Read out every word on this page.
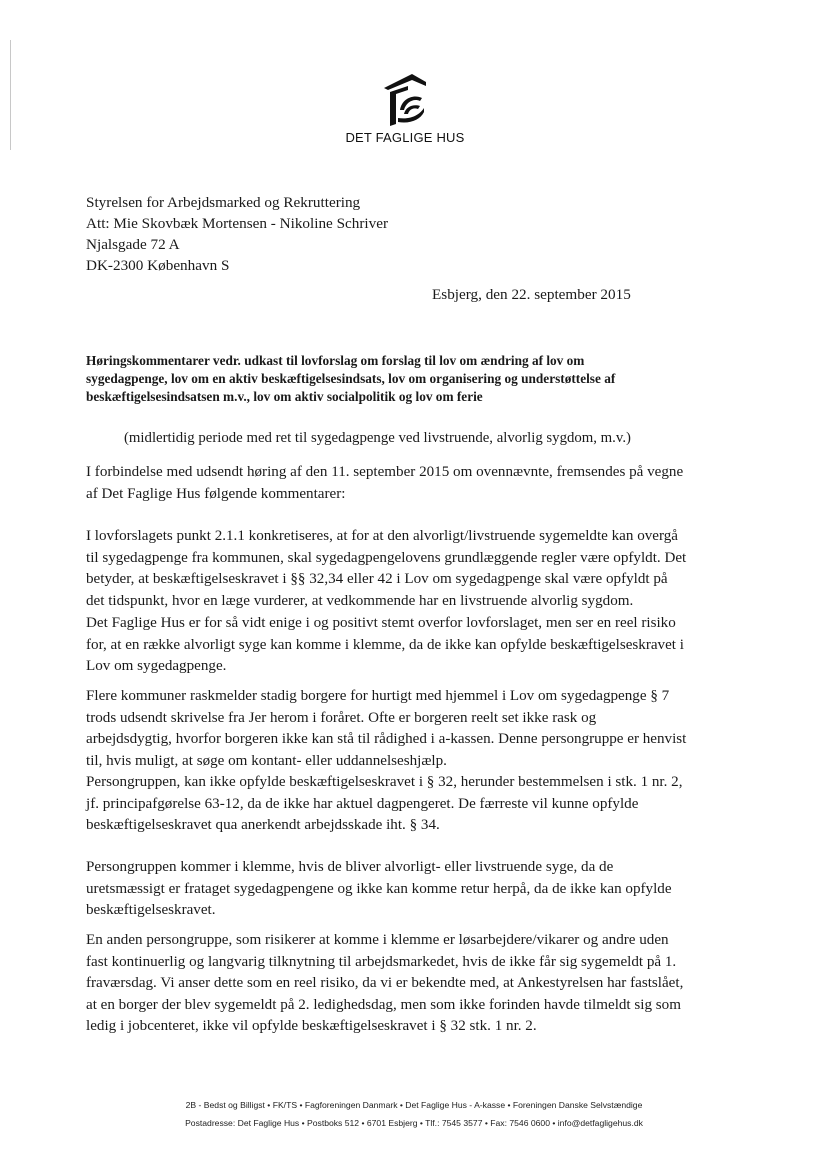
DET FAGLIGE HUS
Styrelsen for Arbejdsmarked og Rekruttering
Att: Mie Skovbæk Mortensen - Nikoline Schriver
Njalsgade 72 A
DK-2300 København S
Esbjerg, den 22. september 2015
Høringskommentarer vedr. udkast til lovforslag om forslag til lov om ændring af lov om
sygedagpenge, lov om en aktiv beskæftigelsesindsats, lov om organisering og understøttelse af
beskæftigelsesindsatsen m.v., lov om aktiv socialpolitik og lov om ferie
(midlertidig periode med ret til sygedagpenge ved livstruende, alvorlig sygdom, m.v.)
I forbindelse med udsendt høring af den 11. september 2015 om ovennævnte, fremsendes på vegne
af Det Faglige Hus følgende kommentarer:
I lovforslagets punkt 2.1.1 konkretiseres, at for at den alvorligt/livstruende sygemeldte kan overgå
til sygedagpenge fra kommunen, skal sygedagpengelovens grundlæggende regler være opfyldt. Det
betyder, at beskæftigelseskravet i §§ 32,34 eller 42 i Lov om sygedagpenge skal være opfyldt på
det tidspunkt, hvor en læge vurderer, at vedkommende har en livstruende alvorlig sygdom.
Det Faglige Hus er for så vidt enige i og positivt stemt overfor lovforslaget, men ser en reel risiko
for, at en række alvorligt syge kan komme i klemme, da de ikke kan opfylde beskæftigelseskravet i
Lov om sygedagpenge.
Flere kommuner raskmelder stadig borgere for hurtigt med hjemmel i Lov om sygedagpenge § 7
trods udsendt skrivelse fra Jer herom i foråret. Ofte er borgeren reelt set ikke rask og
arbejdsdygtig, hvorfor borgeren ikke kan stå til rådighed i a-kassen. Denne persongruppe er henvist
til, hvis muligt, at søge om kontant- eller uddannelseshjælp.
Persongruppen, kan ikke opfylde beskæftigelseskravet i § 32, herunder bestemmelsen i stk. 1 nr. 2,
jf. principafgørelse 63-12, da de ikke har aktuel dagpengeret. De færreste vil kunne opfylde
beskæftigelseskravet qua anerkendt arbejdsskade iht. § 34.
Persongruppen kommer i klemme, hvis de bliver alvorligt- eller livstruende syge, da de
uretsmæssigt er frataget sygedagpengene og ikke kan komme retur herpå, da de ikke kan opfylde
beskæftigelseskravet.
En anden persongruppe, som risikerer at komme i klemme er løsarbejdere/vikarer og andre uden
fast kontinuerlig og langvarig tilknytning til arbejdsmarkedet, hvis de ikke får sig sygemeldt på 1.
fraværsdag. Vi anser dette som en reel risiko, da vi er bekendte med, at Ankestyrelsen har fastslået,
at en borger der blev sygemeldt på 2. ledighedsdag, men som ikke forinden havde tilmeldt sig som
ledig i jobcenteret, ikke vil opfylde beskæftigelseskravet i § 32 stk. 1 nr. 2.
2B - Bedst og Billigst • FK/TS • Fagforeningen Danmark • Det Faglige Hus - A-kasse • Foreningen Danske Selvstændige
Postadresse: Det Faglige Hus • Postboks 512 • 6701 Esbjerg • Tlf.: 7545 3577 • Fax: 7546 0600 • info@detfagligehus.dk
